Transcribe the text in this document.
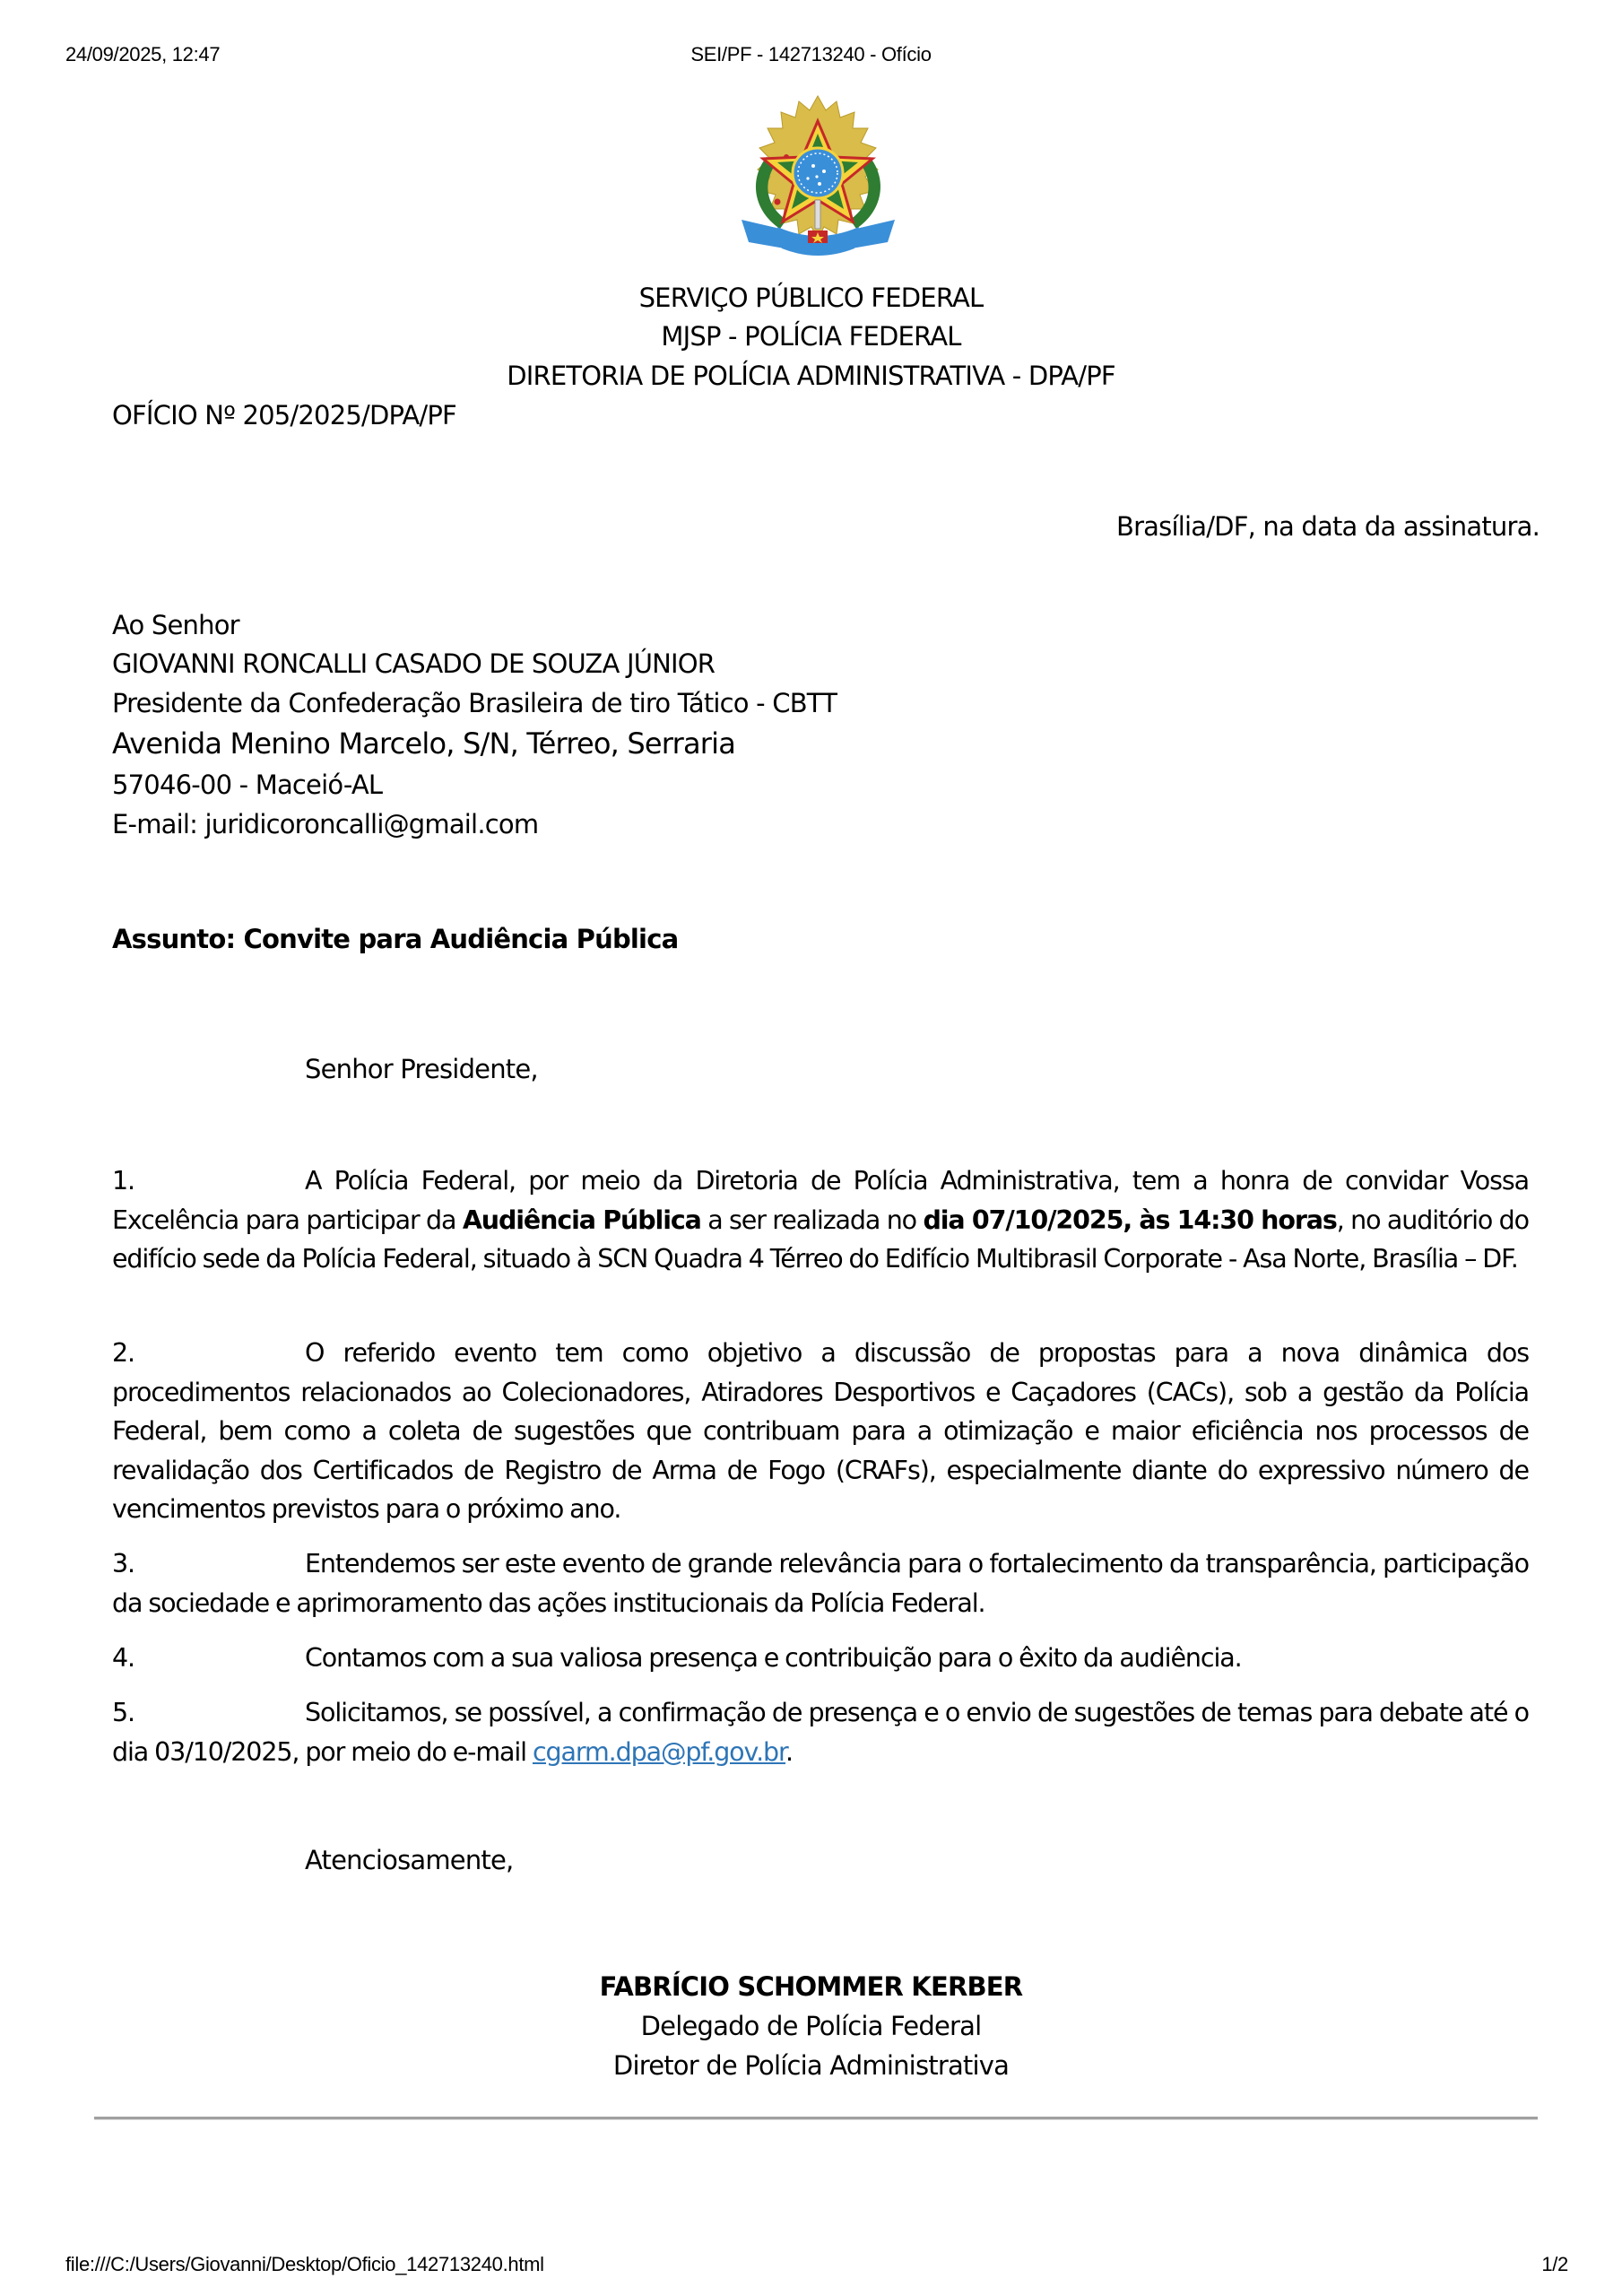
24/09/2025, 12:47	SEI/PF - 142713240 - Ofício
SERVIÇO PÚBLICO FEDERAL
MJSP - POLÍCIA FEDERAL
DIRETORIA DE POLÍCIA ADMINISTRATIVA - DPA/PF
OFÍCIO Nº 205/2025/DPA/PF
Brasília/DF, na data da assinatura.
Ao Senhor
GIOVANNI RONCALLI CASADO DE SOUZA JÚNIOR
Presidente da Confederação Brasileira de tiro Tático - CBTT
Avenida Menino Marcelo, S/N, Térreo, Serraria
57046-00 - Maceió-AL
E-mail: juridicoroncalli@gmail.com
Assunto: Convite para Audiência Pública
Senhor Presidente,
1.	A Polícia Federal, por meio da Diretoria de Polícia Administrativa, tem a honra de convidar Vossa Excelência para participar da Audiência Pública a ser realizada no dia 07/10/2025, às 14:30 horas, no auditório do edifício sede da Polícia Federal, situado à SCN Quadra 4 Térreo do Edifício Multibrasil Corporate - Asa Norte, Brasília – DF.
2.	O referido evento tem como objetivo a discussão de propostas para a nova dinâmica dos procedimentos relacionados ao Colecionadores, Atiradores Desportivos e Caçadores (CACs), sob a gestão da Polícia Federal, bem como a coleta de sugestões que contribuam para a otimização e maior eficiência nos processos de revalidação dos Certificados de Registro de Arma de Fogo (CRAFs), especialmente diante do expressivo número de vencimentos previstos para o próximo ano.
3.	Entendemos ser este evento de grande relevância para o fortalecimento da transparência, participação da sociedade e aprimoramento das ações institucionais da Polícia Federal.
4.	Contamos com a sua valiosa presença e contribuição para o êxito da audiência.
5.	Solicitamos, se possível, a confirmação de presença e o envio de sugestões de temas para debate até o dia 03/10/2025, por meio do e-mail cgarm.dpa@pf.gov.br.
Atenciosamente,
FABRÍCIO SCHOMMER KERBER
Delegado de Polícia Federal
Diretor de Polícia Administrativa
file:///C:/Users/Giovanni/Desktop/Oficio_142713240.html	1/2
